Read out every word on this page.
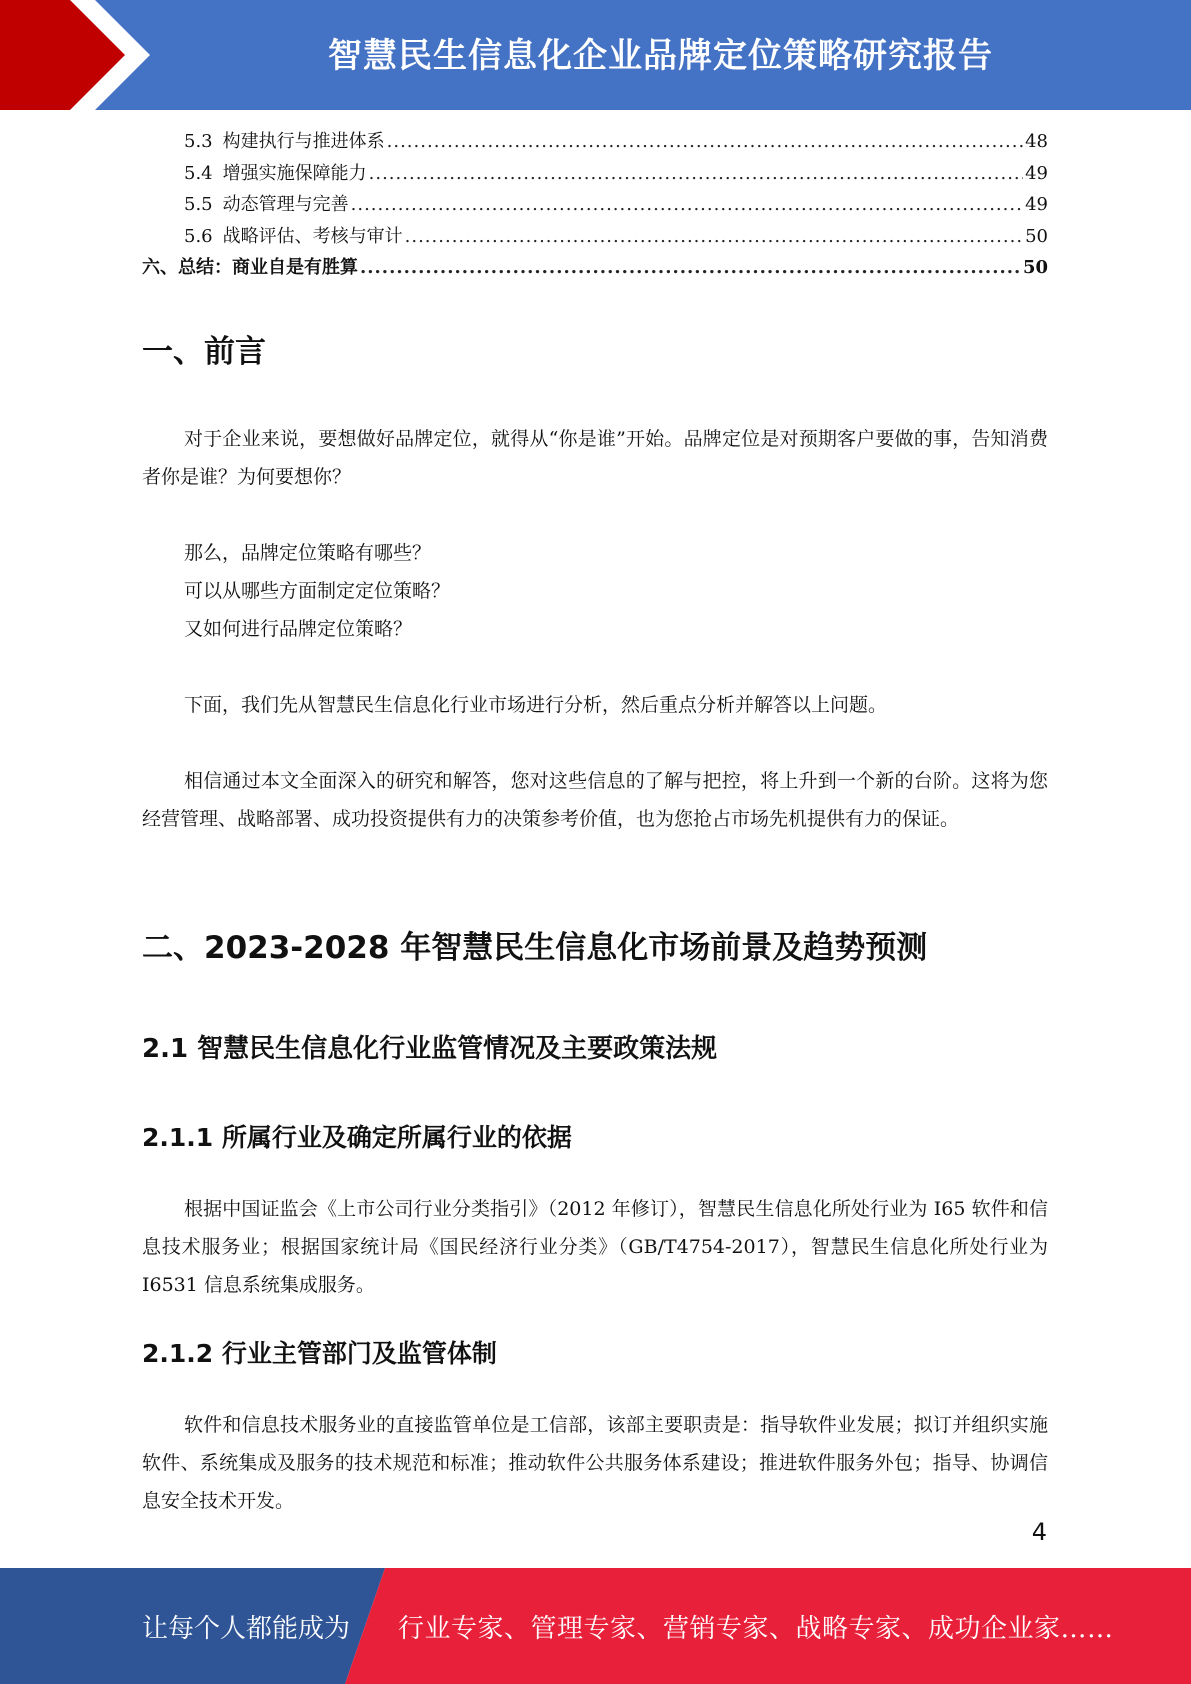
智慧民生信息化企业品牌定位策略研究报告
5.3 构建执行与推进体系 .....	48
5.4 增强实施保障能力 .....	49
5.5 动态管理与完善 .....	49
5.6 战略评估、考核与审计 .....	50
六、总结：商业自是有胜算 .....	50
一、前言

对于企业来说，要想做好品牌定位，就得从“你是谁”开始。品牌定位是对预期客户要做的事，告知消费者你是谁？为何要想你？

那么，品牌定位策略有哪些？
可以从哪些方面制定定位策略？
又如何进行品牌定位策略？

下面，我们先从智慧民生信息化行业市场进行分析，然后重点分析并解答以上问题。

相信通过本文全面深入的研究和解答，您对这些信息的了解与把控，将上升到一个新的台阶。这将为您经营管理、战略部署、成功投资提供有力的决策参考价值，也为您抢占市场先机提供有力的保证。

二、2023-2028 年智慧民生信息化市场前景及趋势预测
2.1 智慧民生信息化行业监管情况及主要政策法规
2.1.1 所属行业及确定所属行业的依据

根据中国证监会《上市公司行业分类指引》（2012 年修订），智慧民生信息化所处行业为 I65 软件和信息技术服务业；根据国家统计局《国民经济行业分类》（GB/T4754-2017），智慧民生信息化所处行业为 I6531 信息系统集成服务。

2.1.2 行业主管部门及监管体制

软件和信息技术服务业的直接监管单位是工信部，该部主要职责是：指导软件业发展；拟订并组织实施软件、系统集成及服务的技术规范和标准；推动软件公共服务体系建设；推进软件服务外包；指导、协调信息安全技术开发。

4
让每个人都能成为 行业专家、管理专家、营销专家、战略专家、成功企业家……
